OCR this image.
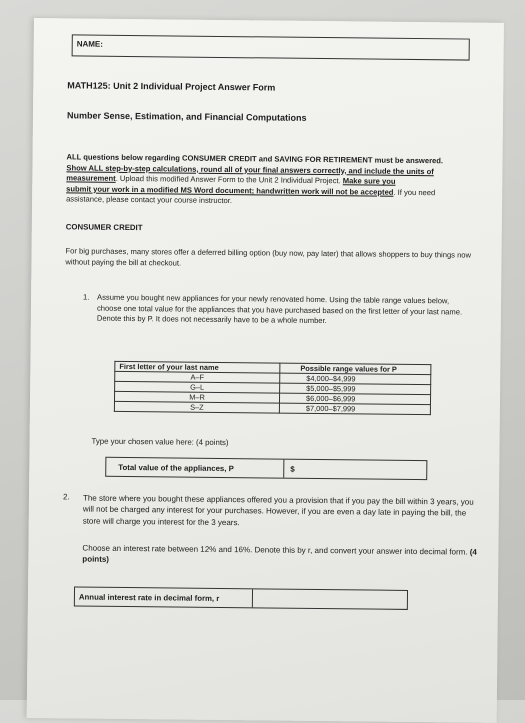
NAME:
MATH125: Unit 2 Individual Project Answer Form
Number Sense, Estimation, and Financial Computations
ALL questions below regarding CONSUMER CREDIT and SAVING FOR RETIREMENT must be answered.
Show ALL step-by-step calculations, round all of your final answers correctly, and include the units of
measurement. Upload this modified Answer Form to the Unit 2 Individual Project. Make sure you
submit your work in a modified MS Word document; handwritten work will not be accepted. If you need
assistance, please contact your course instructor.
CONSUMER CREDIT
For big purchases, many stores offer a deferred billing option (buy now, pay later) that allows shoppers to buy things now without paying the bill at checkout.
1. Assume you bought new appliances for your newly renovated home. Using the table range values below, choose one total value for the appliances that you have purchased based on the first letter of your last name. Denote this by P. It does not necessarily have to be a whole number.
First letter of your last name	Possible range values for P
A–F	$4,000–$4,999
G–L	$5,000–$5,999
M–R	$6,000–$6,999
S–Z	$7,000–$7,999
Type your chosen value here: (4 points)
Total value of the appliances, P	$
2. The store where you bought these appliances offered you a provision that if you pay the bill within 3 years, you will not be charged any interest for your purchases. However, if you are even a day late in paying the bill, the store will charge you interest for the 3 years.
Choose an interest rate between 12% and 16%. Denote this by r, and convert your answer into decimal form. (4 points)
Annual interest rate in decimal form, r
